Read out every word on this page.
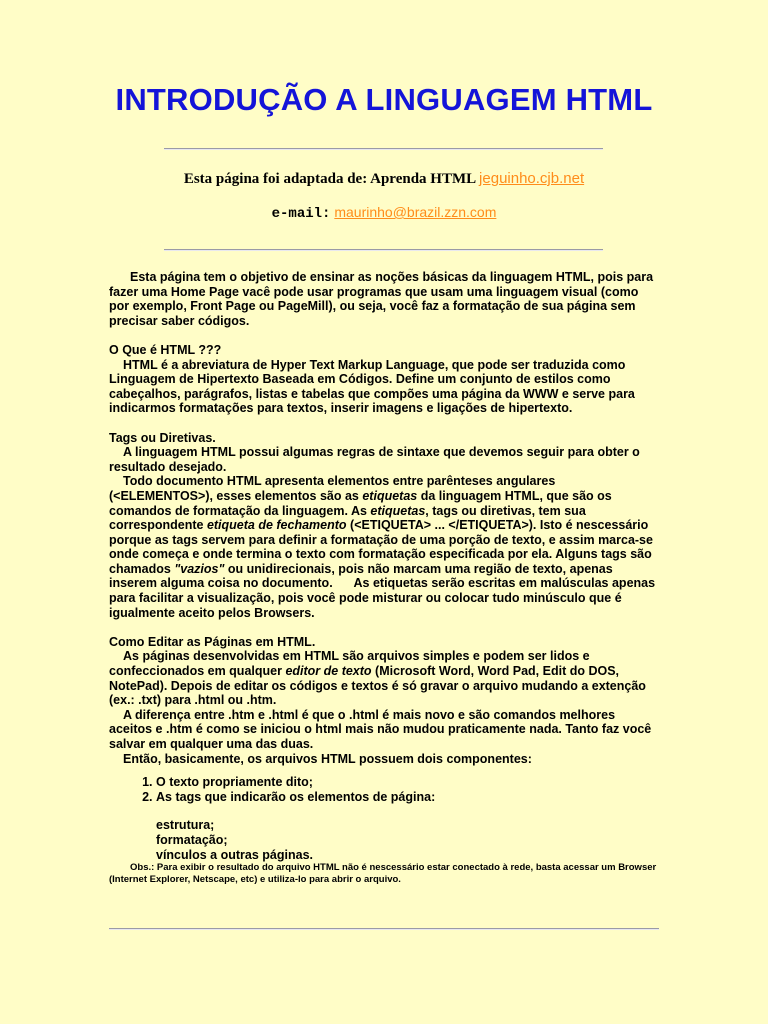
INTRODUÇÃO A LINGUAGEM HTML
Esta página foi adaptada de: Aprenda HTML jeguinho.cjb.net
e-mail: maurinho@brazil.zzn.com

Esta página tem o objetivo de ensinar as noções básicas da linguagem HTML, pois para fazer uma Home Page vacê pode usar programas que usam uma linguagem visual (como por exemplo, Front Page ou PageMill), ou seja, você faz a formatação de sua página sem precisar saber códigos.

O Que é HTML ???

HTML é a abreviatura de Hyper Text Markup Language, que pode ser traduzida como Linguagem de Hipertexto Baseada em Códigos. Define um conjunto de estilos como cabeçalhos, parágrafos, listas e tabelas que compões uma página da WWW e serve para indicarmos formatações para textos, inserir imagens e ligações de hipertexto.

Tags ou Diretivas.

A linguagem HTML possui algumas regras de sintaxe que devemos seguir para obter o resultado desejado.

Todo documento HTML apresenta elementos entre parênteses angulares (<ELEMENTOS>), esses elementos são as etiquetas da linguagem HTML, que são os comandos de formatação da linguagem. As etiquetas, tags ou diretivas, tem sua correspondente etiqueta de fechamento (<ETIQUETA> ... </ETIQUETA>). Isto é nescessário porque as tags servem para definir a formatação de uma porção de texto, e assim marca-se onde começa e onde termina o texto com formatação especificada por ela. Alguns tags são chamados "vazios" ou unidirecionais, pois não marcam uma região de texto, apenas inserem alguma coisa no documento. As etiquetas serão escritas em malúsculas apenas para facilitar a visualização, pois você pode misturar ou colocar tudo minúsculo que é igualmente aceito pelos Browsers.

Como Editar as Páginas em HTML.

As páginas desenvolvidas em HTML são arquivos simples e podem ser lidos e confeccionados em qualquer editor de texto (Microsoft Word, Word Pad, Edit do DOS, NotePad). Depois de editar os códigos e textos é só gravar o arquivo mudando a extenção (ex.: .txt) para .html ou .htm.

A diferença entre .htm e .html é que o .html é mais novo e são comandos melhores aceitos e .htm é como se iniciou o html mais não mudou praticamente nada. Tanto faz você salvar em qualquer uma das duas.

Então, basicamente, os arquivos HTML possuem dois componentes:

1. O texto propriamente dito;
2. As tags que indicarão os elementos de página:
estrutura;
formatação;
vínculos a outras páginas.

Obs.: Para exibir o resultado do arquivo HTML não é nescessário estar conectado à rede, basta acessar um Browser (Internet Explorer, Netscape, etc) e utiliza-lo para abrir o arquivo.
